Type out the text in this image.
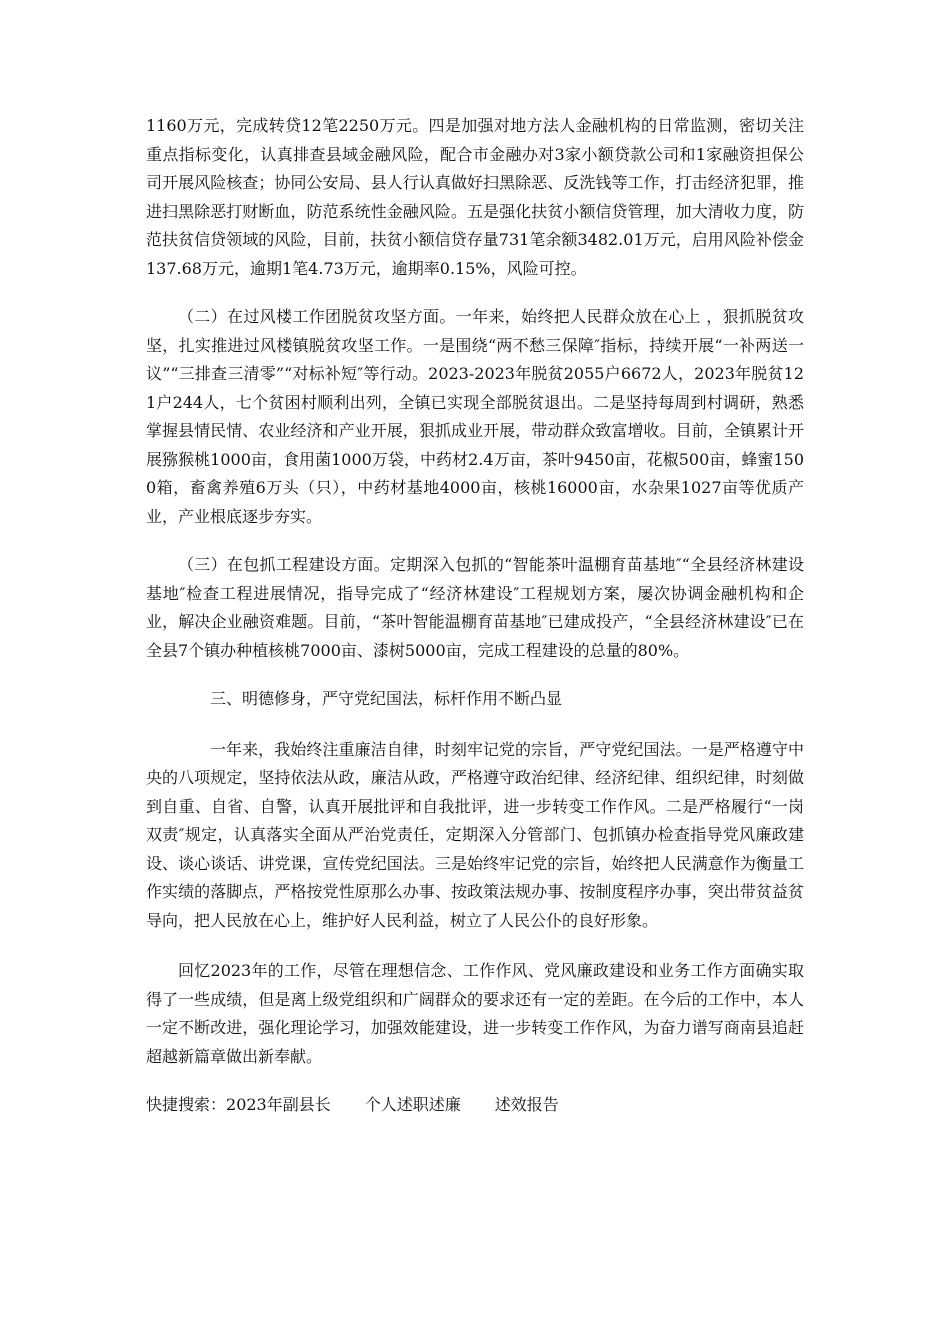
1160万元，完成转贷12笔2250万元。四是加强对地方法人金融机构的日常监测，密切关注重点指标变化，认真排查县域金融风险，配合市金融办对3家小额贷款公司和1家融资担保公司开展风险核查；协同公安局、县人行认真做好扫黑除恶、反洗钱等工作，打击经济犯罪，推进扫黑除恶打财断血，防范系统性金融风险。五是强化扶贫小额信贷管理，加大清收力度，防范扶贫信贷领域的风险，目前，扶贫小额信贷存量731笔余额3482.01万元，启用风险补偿金137.68万元，逾期1笔4.73万元，逾期率0.15%，风险可控。

（二）在过风楼工作团脱贫攻坚方面。一年来，始终把人民群众放在心上 ，狠抓脱贫攻坚，扎实推进过风楼镇脱贫攻坚工作。一是围绕“两不愁三保障″指标，持续开展“一补两送一议”“三排查三清零”“对标补短″等行动。2023-2023年脱贫2055户6672人，2023年脱贫121户244人，七个贫困村顺利出列，全镇已实现全部脱贫退出。二是坚持每周到村调研，熟悉掌握县情民情、农业经济和产业开展，狠抓成业开展，带动群众致富增收。目前，全镇累计开展猕猴桃1000亩，食用菌1000万袋，中药材2.4万亩，茶叶9450亩，花椒500亩，蜂蜜1500箱，畜禽养殖6万头（只），中药材基地4000亩，核桃16000亩，水杂果1027亩等优质产业，产业根底逐步夯实。

（三）在包抓工程建设方面。定期深入包抓的“智能茶叶温棚育苗基地″“全县经济林建设基地″检查工程进展情况，指导完成了“经济林建设″工程规划方案，屡次协调金融机构和企业，解决企业融资难题。目前，“茶叶智能温棚育苗基地″已建成投产，“全县经济林建设″已在全县7个镇办种植核桃7000亩、漆树5000亩，完成工程建设的总量的80%。

三、明德修身，严守党纪国法，标杆作用不断凸显

一年来，我始终注重廉洁自律，时刻牢记党的宗旨，严守党纪国法。一是严格遵守中央的八项规定，坚持依法从政，廉洁从政，严格遵守政治纪律、经济纪律、组织纪律，时刻做到自重、自省、自警，认真开展批评和自我批评，进一步转变工作作风。二是严格履行“一岗双责″规定，认真落实全面从严治党责任，定期深入分管部门、包抓镇办检查指导党风廉政建设、谈心谈话、讲党课，宣传党纪国法。三是始终牢记党的宗旨，始终把人民满意作为衡量工作实绩的落脚点，严格按党性原那么办事、按政策法规办事、按制度程序办事，突出带贫益贫导向，把人民放在心上，维护好人民利益，树立了人民公仆的良好形象。

回忆2023年的工作，尽管在理想信念、工作作风、党风廉政建设和业务工作方面确实取得了一些成绩，但是离上级党组织和广阔群众的要求还有一定的差距。在今后的工作中，本人一定不断改进，强化理论学习，加强效能建设，进一步转变工作作风，为奋力谱写商南县追赶超越新篇章做出新奉献。

快捷搜索：2023年副县长 个人述职述廉 述效报告
